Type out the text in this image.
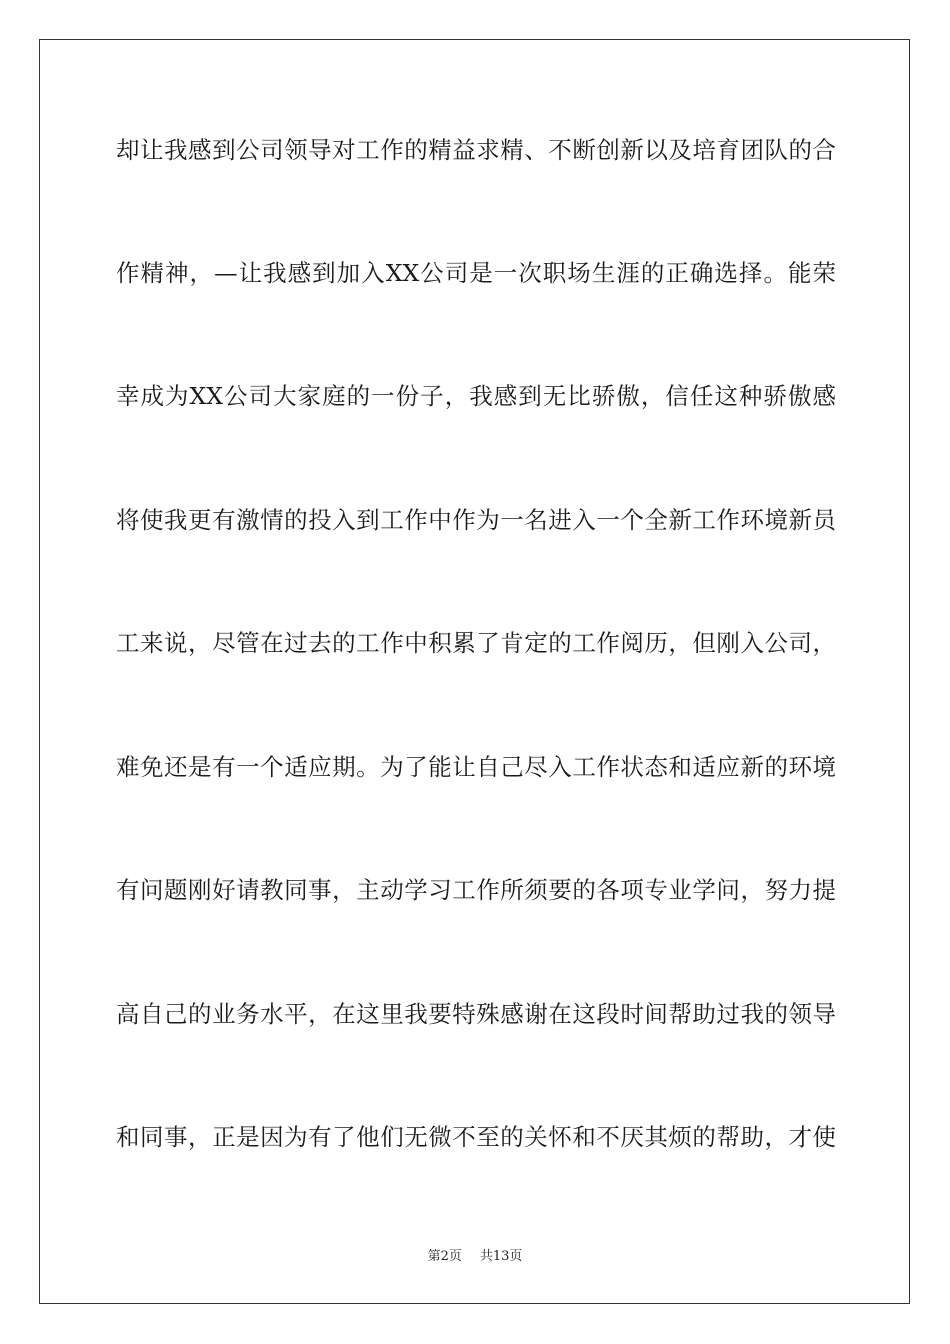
却让我感到公司领导对工作的精益求精、不断创新以及培育团队的合
作精神，—让我感到加入XX公司是一次职场生涯的正确选择。能荣
幸成为XX公司大家庭的一份子，我感到无比骄傲，信任这种骄傲感
将使我更有激情的投入到工作中作为一名进入一个全新工作环境新员
工来说，尽管在过去的工作中积累了肯定的工作阅历，但刚入公司，
难免还是有一个适应期。为了能让自己尽入工作状态和适应新的环境
有问题刚好请教同事，主动学习工作所须要的各项专业学问，努力提
高自己的业务水平，在这里我要特殊感谢在这段时间帮助过我的领导
和同事，正是因为有了他们无微不至的关怀和不厌其烦的帮助，才使
第2页 共13页
